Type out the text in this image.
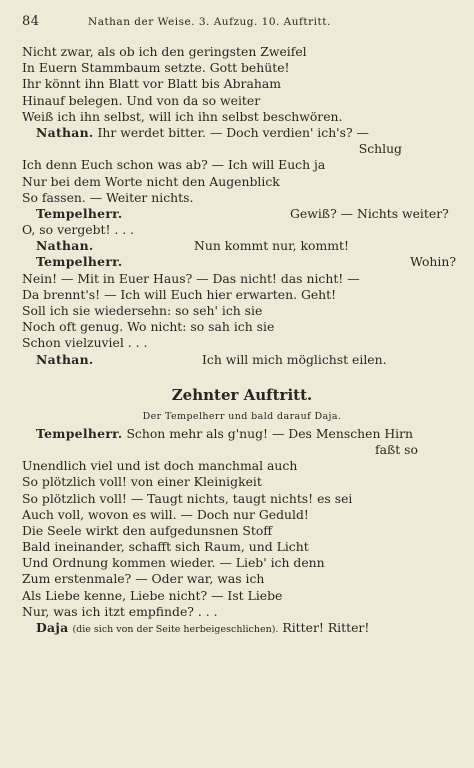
84	Nathan der Weise. 3. Aufzug. 10. Auftritt.
Nicht zwar, als ob ich den geringsten Zweifel
In Euern Stammbaum setzte. Gott behüte!
Ihr könnt ihn Blatt vor Blatt bis Abraham
Hinauf belegen. Und von da so weiter
Weiß ich ihn selbst, will ich ihn selbst beschwören.
Nathan. Ihr werdet bitter. — Doch verdien' ich's? —
Schlug
Ich denn Euch schon was ab? — Ich will Euch ja
Nur bei dem Worte nicht den Augenblick
So fassen. — Weiter nichts.
Tempelherr.	Gewiß? — Nichts weiter?
O, so vergebt! . . .
Nathan.	Nun kommt nur, kommt!
Tempelherr.	Wohin?
Nein! — Mit in Euer Haus? — Das nicht! das nicht! —
Da brennt's! — Ich will Euch hier erwarten. Geht!
Soll ich sie wiedersehn: so seh' ich sie
Noch oft genug. Wo nicht: so sah ich sie
Schon vielzuviel . . .
Nathan.	Ich will mich möglichst eilen.
Zehnter Auftritt.
Der Tempelherr und bald darauf Daja.
Tempelherr. Schon mehr als g'nug! — Des Menschen Hirn
faßt so
Unendlich viel und ist doch manchmal auch
So plötzlich voll! von einer Kleinigkeit
So plötzlich voll! — Taugt nichts, taugt nichts! es sei
Auch voll, wovon es will. — Doch nur Geduld!
Die Seele wirkt den aufgedunsnen Stoff
Bald ineinander, schafft sich Raum, und Licht
Und Ordnung kommen wieder. — Lieb' ich denn
Zum erstenmale? — Oder war, was ich
Als Liebe kenne, Liebe nicht? — Ist Liebe
Nur, was ich itzt empfinde? . . .
Daja (die sich von der Seite herbeigeschlichen). Ritter! Ritter!
